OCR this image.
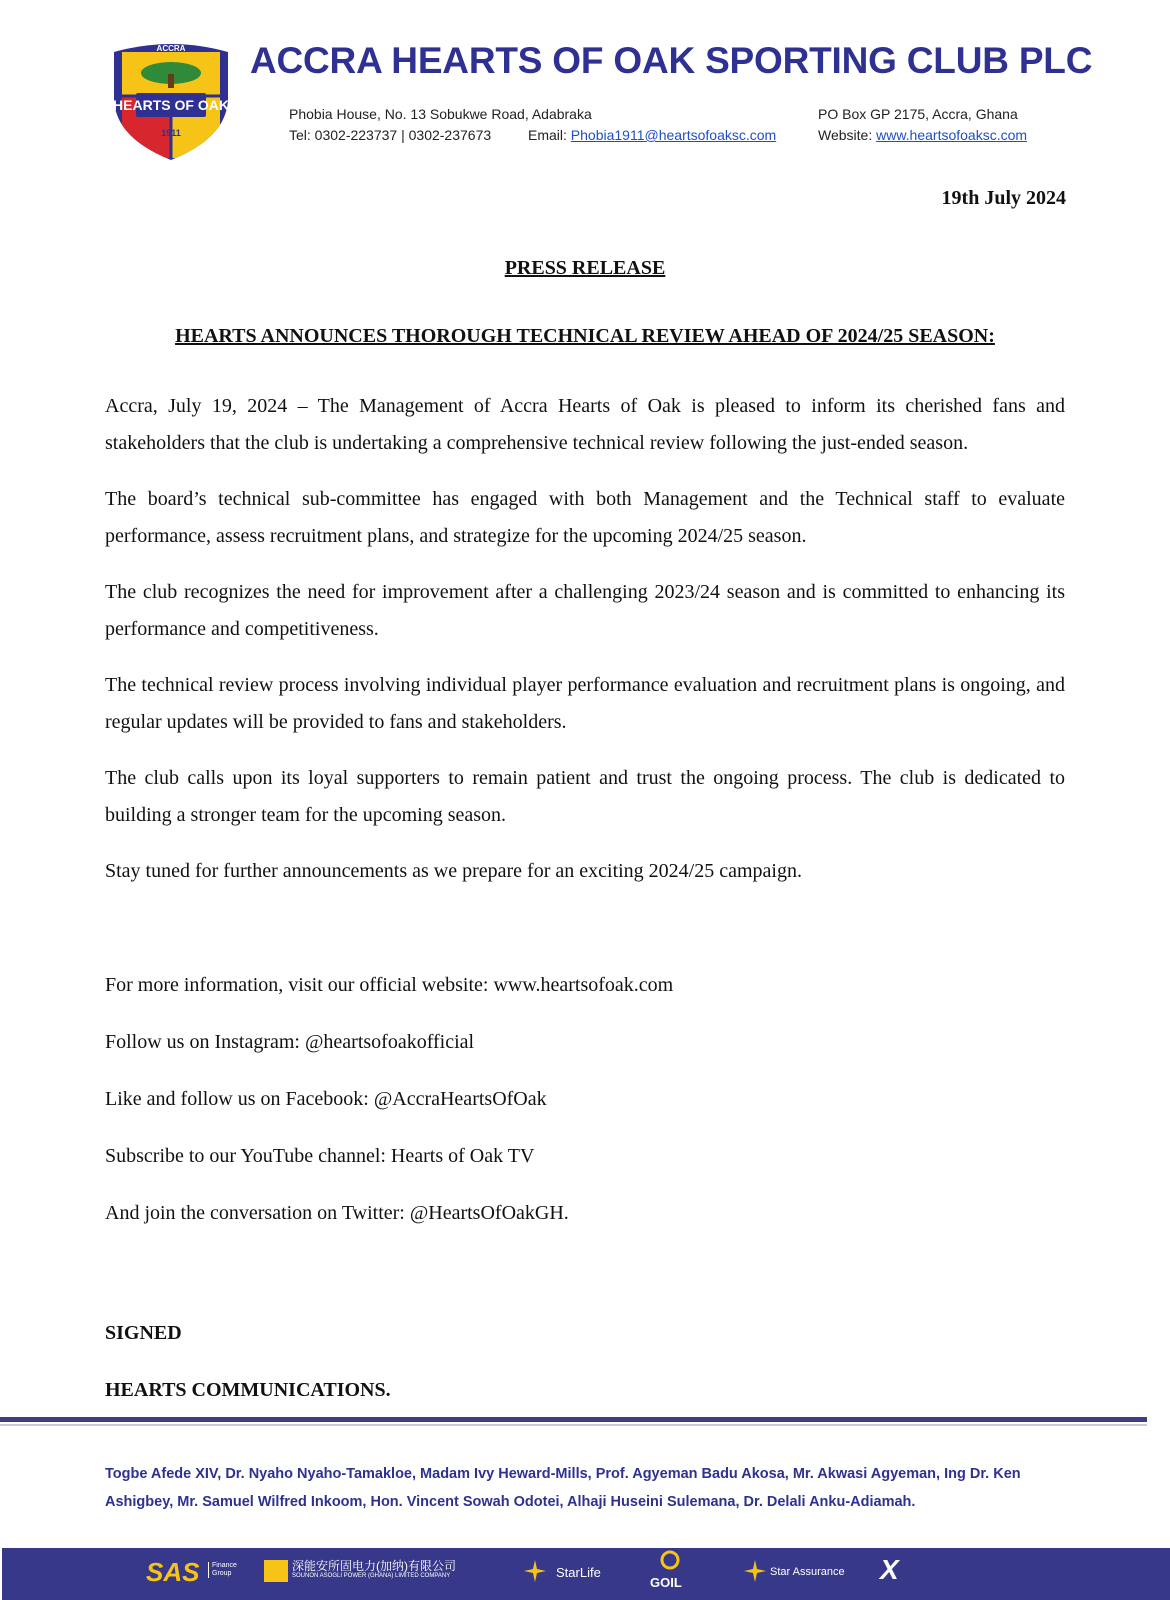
ACCRA
HEARTS OF OAK
1911
ACCRA HEARTS OF OAK SPORTING CLUB PLC
Phobia House, No. 13 Sobukwe Road, Adabraka
Tel: 0302-223737 | 0302-237673	Email: Phobia1911@heartsofoaksc.com
PO Box GP 2175, Accra, Ghana
Website: www.heartsofoaksc.com
19th July 2024
PRESS RELEASE
HEARTS ANNOUNCES THOROUGH TECHNICAL REVIEW AHEAD OF 2024/25 SEASON:

Accra, July 19, 2024 – The Management of Accra Hearts of Oak is pleased to inform its cherished fans and stakeholders that the club is undertaking a comprehensive technical review following the just-ended season.

The board’s technical sub-committee has engaged with both Management and the Technical staff to evaluate performance, assess recruitment plans, and strategize for the upcoming 2024/25 season.

The club recognizes the need for improvement after a challenging 2023/24 season and is committed to enhancing its performance and competitiveness.

The technical review process involving individual player performance evaluation and recruitment plans is ongoing, and regular updates will be provided to fans and stakeholders.

The club calls upon its loyal supporters to remain patient and trust the ongoing process. The club is dedicated to building a stronger team for the upcoming season.

Stay tuned for further announcements as we prepare for an exciting 2024/25 campaign.

For more information, visit our official website: www.heartsofoak.com

Follow us on Instagram: @heartsofoakofficial

Like and follow us on Facebook: @AccraHeartsOfOak

Subscribe to our YouTube channel: Hearts of Oak TV

And join the conversation on Twitter: @HeartsOfOakGH.

SIGNED

HEARTS COMMUNICATIONS.

Togbe Afede XIV, Dr. Nyaho Nyaho-Tamakloe, Madam Ivy Heward-Mills, Prof. Agyeman Badu Akosa, Mr. Akwasi Agyeman, Ing Dr. Ken Ashigbey, Mr. Samuel Wilfred Inkoom, Hon. Vincent Sowah Odotei, Alhaji Huseini Sulemana, Dr. Delali Anku-Adiamah.
SAS	Finance Group
深能安所固电力(加纳)有限公司
SOUNON ASOGLI POWER (GHANA) LIMITED COMPANY	StarLife
GOIL
Star Assurance X
